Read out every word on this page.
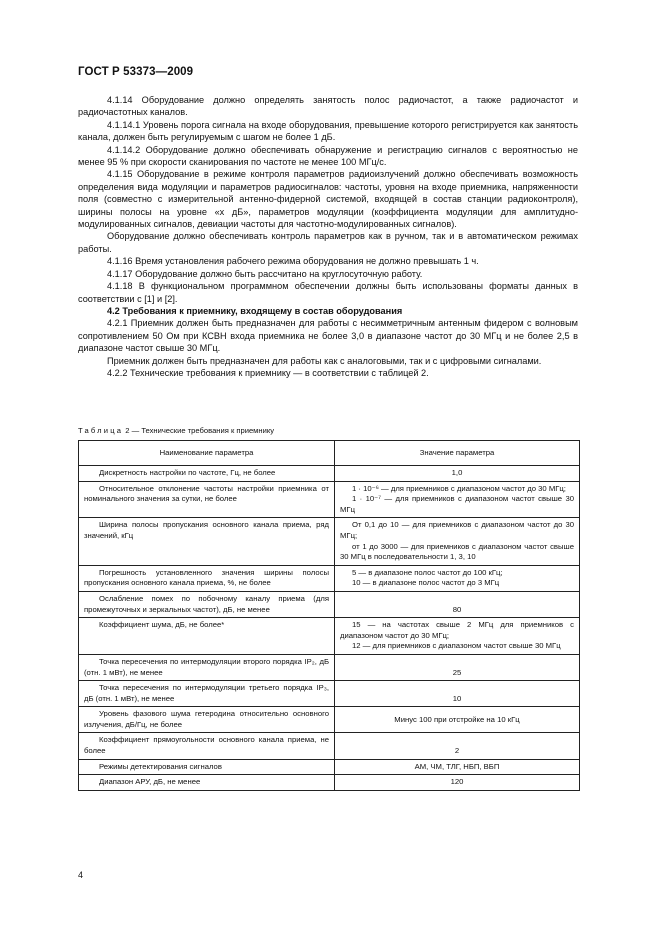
ГОСТ Р 53373—2009

4.1.14 Оборудование должно определять занятость полос радиочастот, а также радиочастот и радиочастотных каналов.

4.1.14.1 Уровень порога сигнала на входе оборудования, превышение которого регистрируется как занятость канала, должен быть регулируемым с шагом не более 1 дБ.

4.1.14.2 Оборудование должно обеспечивать обнаружение и регистрацию сигналов с вероятностью не менее 95 % при скорости сканирования по частоте не менее 100 МГц/с.

4.1.15 Оборудование в режиме контроля параметров радиоизлучений должно обеспечивать возможность определения вида модуляции и параметров радиосигналов: частоты, уровня на входе приемника, напряженности поля (совместно с измерительной антенно-фидерной системой, входящей в состав станции радиоконтроля), ширины полосы на уровне «x дБ», параметров модуляции (коэффициента модуляции для амплитудно-модулированных сигналов, девиации частоты для частотно-модулированных сигналов).

Оборудование должно обеспечивать контроль параметров как в ручном, так и в автоматическом режимах работы.

4.1.16 Время установления рабочего режима оборудования не должно превышать 1 ч.

4.1.17 Оборудование должно быть рассчитано на круглосуточную работу.

4.1.18 В функциональном программном обеспечении должны быть использованы форматы данных в соответствии с [1] и [2].

4.2 Требования к приемнику, входящему в состав оборудования

4.2.1 Приемник должен быть предназначен для работы с несимметричным антенным фидером с волновым сопротивлением 50 Ом при КСВН входа приемника не более 3,0 в диапазоне частот до 30 МГц и не более 2,5 в диапазоне частот свыше 30 МГц.

Приемник должен быть предназначен для работы как с аналоговыми, так и с цифровыми сигналами.

4.2.2 Технические требования к приемнику — в соответствии с таблицей 2.

Таблица 2 — Технические требования к приемнику
Наименование параметра	Значение параметра
Дискретность настройки по частоте, Гц, не более	1,0
Относительное отклонение частоты настройки приемника от номинального значения за сутки, не более	1 · 10⁻⁶ — для приемников с диапазоном частот до 30 МГц;
1 · 10⁻⁷ — для приемников с диапазоном частот свыше 30 МГц

Ширина полосы пропускания основного канала приема, ряд значений, кГц	От 0,1 до 10 — для приемников с диапазоном частот до 30 МГц;
от 1 до 3000 — для приемников с диапазоном частот свыше 30 МГц в последовательности 1, 3, 10

Погрешность установленного значения ширины полосы пропускания основного канала приема, %, не более	5 — в диапазоне полос частот до 100 кГц;
10 — в диапазоне полос частот до 3 МГц

Ослабление помех по побочному каналу приема (для промежуточных и зеркальных частот), дБ, не менее	80
Коэффициент шума, дБ, не более*	15 — на частотах свыше 2 МГц для приемников с диапазоном частот до 30 МГц;
12 — для приемников с диапазоном частот свыше 30 МГц

Точка пересечения по интермодуляции второго порядка IP₂, дБ (отн. 1 мВт), не менее	25
Точка пересечения по интермодуляции третьего порядка IP₃, дБ (отн. 1 мВт), не менее	10
Уровень фазового шума гетеродина относительно основного излучения, дБ/Гц, не более	Минус 100 при отстройке на 10 кГц
Коэффициент прямоугольности основного канала приема, не более	2
Режимы детектирования сигналов	АМ, ЧМ, ТЛГ, НБП, ВБП
Диапазон АРУ, дБ, не менее	120
4
